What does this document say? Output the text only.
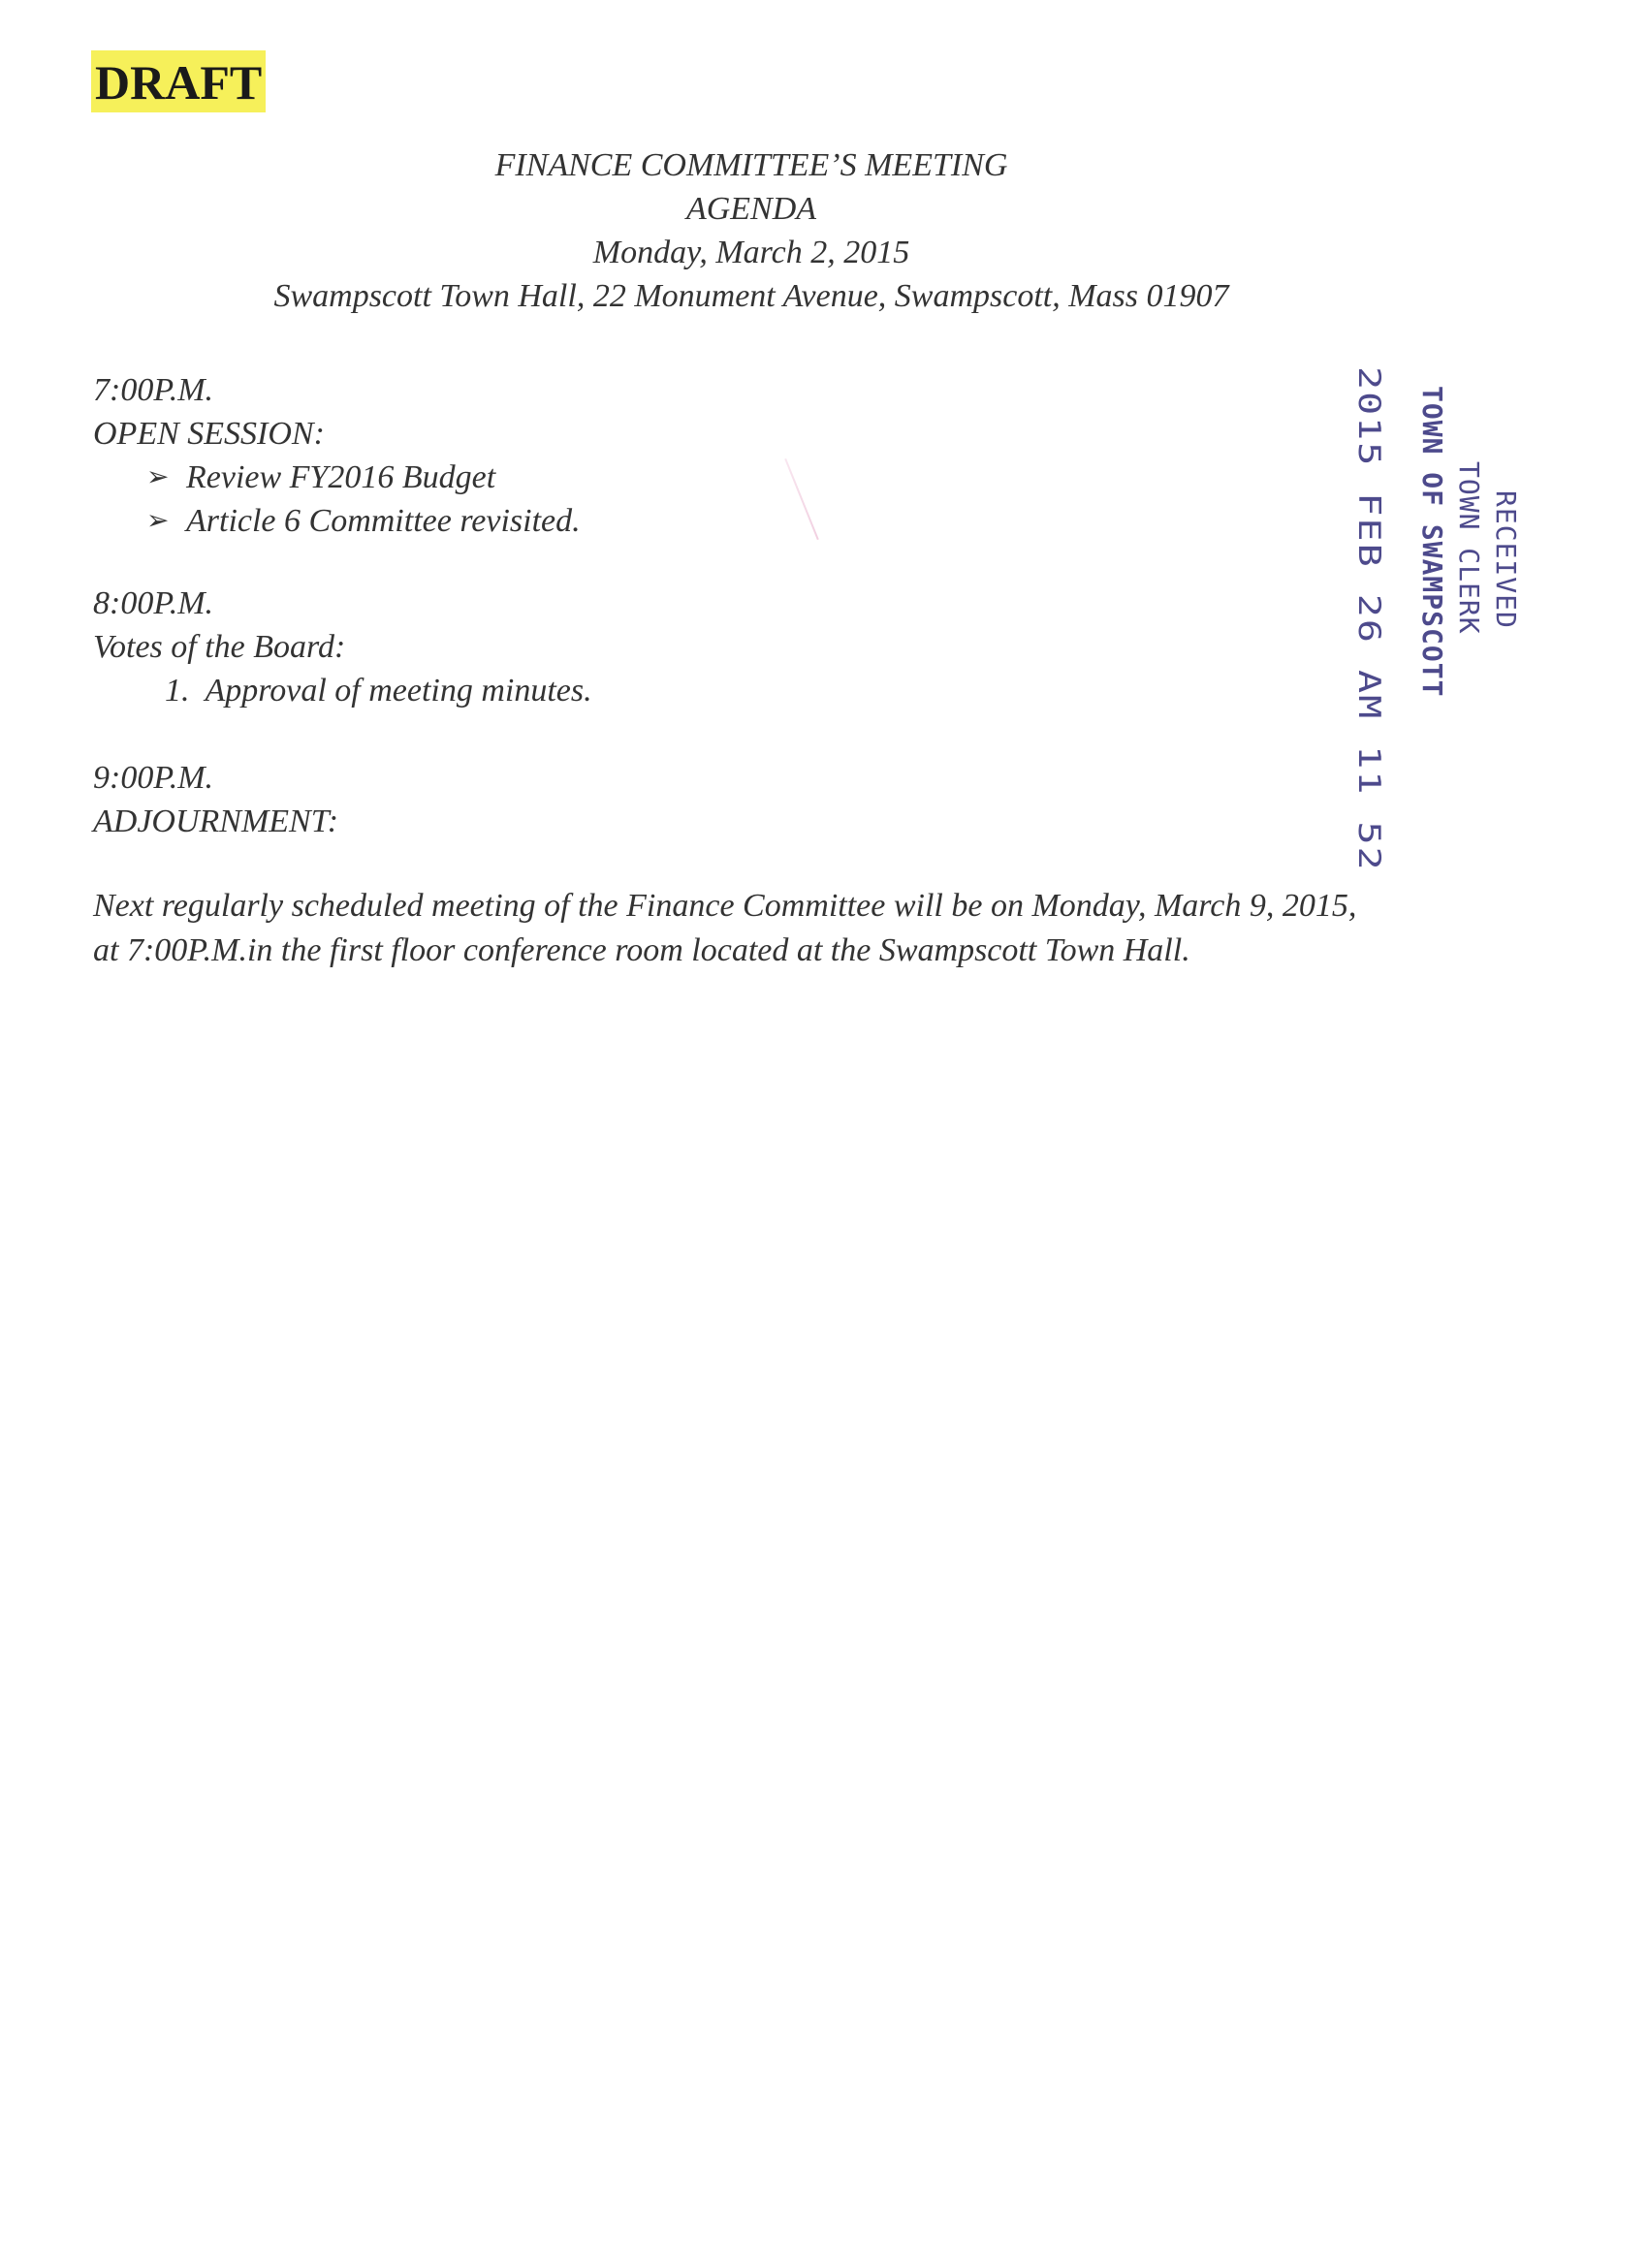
DRAFT
FINANCE COMMITTEE’S MEETING
AGENDA
Monday, March 2, 2015
Swampscott Town Hall, 22 Monument Avenue, Swampscott, Mass 01907
7:00P.M.
OPEN SESSION:
➢ Review FY2016 Budget
➢ Article 6 Committee revisited.
8:00P.M.
Votes of the Board:
1. Approval of meeting minutes.
9:00P.M.
ADJOURNMENT:
Next regularly scheduled meeting of the Finance Committee will be on Monday, March 9, 2015,
at 7:00P.M.in the first floor conference room located at the Swampscott Town Hall.
RECEIVED
TOWN CLERK
TOWN OF SWAMPSCOTT
2015 FEB 26 AM 11 52
